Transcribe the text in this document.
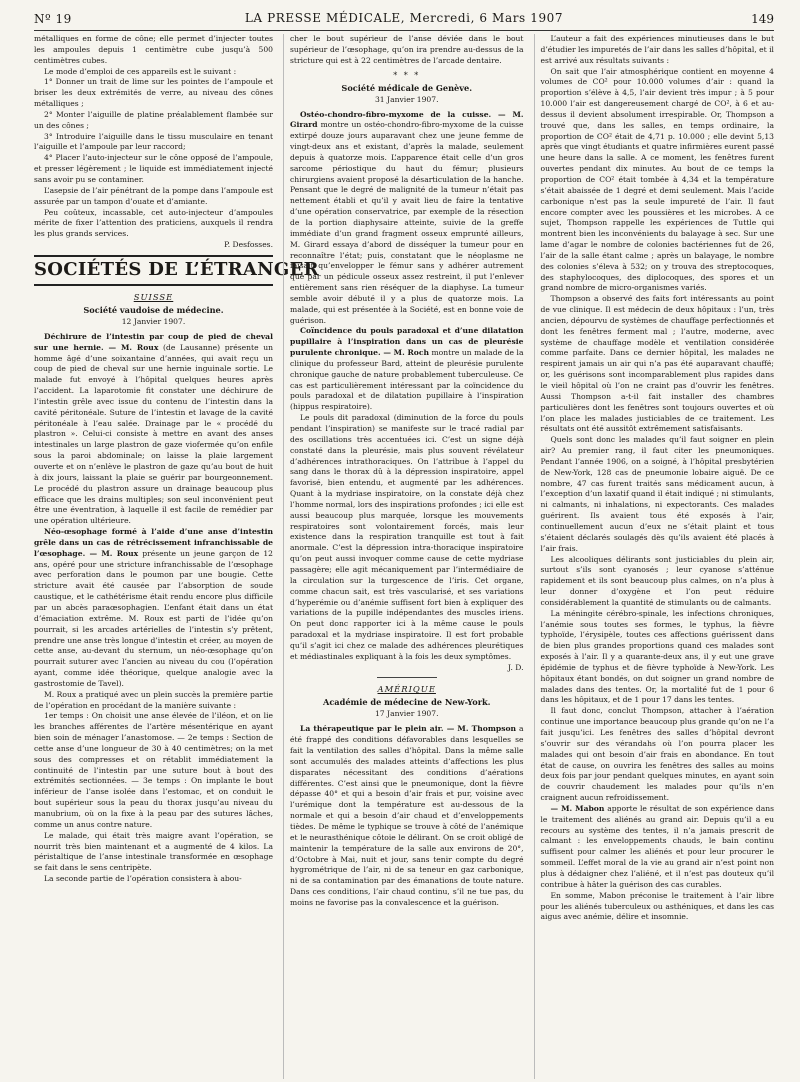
Nº 19	LA PRESSE MÉDICALE, Mercredi, 6 Mars 1907	149

métalliques en forme de cône; elle permet d’injecter toutes les ampoules depuis 1 centimètre cube jusqu’à 500 centimètres cubes.

Le mode d’emploi de ces appareils est le suivant :

1° Donner un trait de lime sur les pointes de l’ampoule et briser les deux extrémités de verre, au niveau des cônes métalliques ;

2° Monter l’aiguille de platine préalablement flambée sur un des cônes ;

3° Introduire l’aiguille dans le tissu musculaire en tenant l’aiguille et l’ampoule par leur raccord;

4° Placer l’auto-injecteur sur le cône opposé de l’ampoule, et presser légèrement ; le liquide est immédiatement injecté sans avoir pu se contaminer.

L’asepsie de l’air pénétrant de la pompe dans l’ampoule est assurée par un tampon d’ouate et d’amiante.

Peu coûteux, incassable, cet auto-injecteur d’ampoules mérite de fixer l’attention des praticiens, auxquels il rendra les plus grands services.

P. Desfosses.
SOCIÉTÉS DE L’ÉTRANGER
SUISSE
Société vaudoise de médecine.
12 Janvier 1907.

Déchirure de l’intestin par coup de pied de cheval sur une hernie. — M. Roux (de Lausanne) présente un homme âgé d’une soixantaine d’années, qui avait reçu un coup de pied de cheval sur une hernie inguinale sortie. Le malade fut envoyé à l’hôpital quelques heures après l’accident. La laparotomie fit constater une déchirure de l’intestin grêle avec issue du contenu de l’intestin dans la cavité péritonéale. Suture de l’intestin et lavage de la cavité péritonéale à l’eau salée. Drainage par le « procédé du plastron ». Celui-ci consiste à mettre en avant des anses intestinales un large plastron de gaze viofermée qu’on enfile sous la paroi abdominale; on laisse la plaie largement ouverte et on n’enlève le plastron de gaze qu’au bout de huit à dix jours, laissant la plaie se guérir par bourgeonnement. Le procédé du plastron assure un drainage beaucoup plus efficace que les drains multiples; son seul inconvénient peut être une éventration, à laquelle il est facile de remédier par une opération ultérieure.

Néo-œsophage formé à l’aide d’une anse d’intestin grêle dans un cas de rétrécissement infranchissable de l’œsophage. — M. Roux présente un jeune garçon de 12 ans, opéré pour une stricture infranchissable de l’œsophage avec perforation dans le poumon par une bougie. Cette stricture avait été causée par l’absorption de soude caustique, et le cathétérisme était rendu encore plus difficile par un abcès paraœsophagien. L’enfant était dans un état d’émaciation extrême. M. Roux est parti de l’idée qu’on pourrait, si les arcades artérielles de l’intestin s’y prêtent, prendre une anse très longue d’intestin et créer, au moyen de cette anse, au-devant du sternum, un néo-œsophage qu’on pourrait suturer avec l’ancien au niveau du cou (l’opération ayant, comme idée théorique, quelque analogie avec la gastrostomie de Tavel).

M. Roux a pratiqué avec un plein succès la première partie de l’opération en procédant de la manière suivante :

1er temps : On choisit une anse élevée de l’iléon, et on lie les branches afférentes de l’artère mésentérique en ayant bien soin de ménager l’anastomose. — 2e temps : Section de cette anse d’une longueur de 30 à 40 centimètres; on la met sous des compresses et on rétablit immédiatement la continuité de l’intestin par une suture bout à bout des extrémités sectionnées. — 3e temps : On implante le bout inférieur de l’anse isolée dans l’estomac, et on conduit le bout supérieur sous la peau du thorax jusqu’au niveau du manubrium, où on la fixe à la peau par des sutures lâches, comme un anus contre nature.

Le malade, qui était très maigre avant l’opération, se nourrit très bien maintenant et a augmenté de 4 kilos. La péristaltique de l’anse intestinale transformée en œsophage se fait dans le sens centripète.

La seconde partie de l’opération consistera à abou-

cher le bout supérieur de l’anse déviée dans le bout supérieur de l’œsophage, qu’on ira prendre au-dessus de la stricture qui est à 22 centimètres de l’arcade dentaire.

* * *
Société médicale de Genève.
31 Janvier 1907.

Ostéo-chondro-fibro-myxome de la cuisse. — M. Girard montre un ostéo-chondro-fibro-myxome de la cuisse extirpé douze jours auparavant chez une jeune femme de vingt-deux ans et existant, d’après la malade, seulement depuis à quatorze mois. L’apparence était celle d’un gros sarcome périostique du haut du fémur; plusieurs chirurgiens avaient proposé la désarticulation de la hanche. Pensant que le degré de malignité de la tumeur n’était pas nettement établi et qu’il y avait lieu de faire la tentative d’une opération conservatrice, par exemple de la résection de la portion diaphysaire atteinte, suivie de la greffe immédiate d’un grand fragment osseux emprunté ailleurs, M. Girard essaya d’abord de disséquer la tumeur pour en reconnaître l’état; puis, constatant que le néoplasme ne faisait qu’envelopper le fémur sans y adhérer autrement que par un pédicule osseux assez restreint, il put l’enlever entièrement sans rien réséquer de la diaphyse. La tumeur semble avoir débuté il y a plus de quatorze mois. La malade, qui est présentée à la Société, est en bonne voie de guérison.

Coïncidence du pouls paradoxal et d’une dilatation pupillaire à l’inspiration dans un cas de pleurésie purulente chronique. — M. Roch montre un malade de la clinique du professeur Bard, atteint de pleurésie purulente chronique gauche de nature probablement tuberculeuse. Ce cas est particulièrement intéressant par la coïncidence du pouls paradoxal et de dilatation pupillaire à l’inspiration (hippus respiratoire).

Le pouls dit paradoxal (diminution de la force du pouls pendant l’inspiration) se manifeste sur le tracé radial par des oscillations très accentuées ici. C’est un signe déjà constaté dans la pleurésie, mais plus souvent révélateur d’adhérences intrathoraciques. On l’attribue à l’appel du sang dans le thorax dû à la dépression inspiratoire, appel favorisé, bien entendu, et augmenté par les adhérences. Quant à la mydriase inspiratoire, on la constate déjà chez l’homme normal, lors des inspirations profondes ; ici elle est aussi beaucoup plus marquée, lorsque les mouvements respiratoires sont volontairement forcés, mais leur existence dans la respiration tranquille est tout à fait anormale. C’est la dépression intra-thoracique inspiratoire qu’on peut aussi invoquer comme cause de cette mydriase passagère; elle agit mécaniquement par l’intermédiaire de la circulation sur la turgescence de l’iris. Cet organe, comme chacun sait, est très vascularisé, et ses variations d’hyperémie ou d’anémie suffisent fort bien à expliquer des variations de la pupille indépendantes des muscles iriens. On peut donc rapporter ici à la même cause le pouls paradoxal et la mydriase inspiratoire. Il est fort probable qu’il s’agit ici chez ce malade des adhérences pleurétiques et médiastinales expliquant à la fois les deux symptômes.

J. D.
AMÉRIQUE
Académie de médecine de New-York.
17 Janvier 1907.

La thérapeutique par le plein air. — M. Thompson a été frappé des conditions défavorables dans lesquelles se fait la ventilation des salles d’hôpital. Dans la même salle sont accumulés des malades atteints d’affections les plus disparates nécessitant des conditions d’aérations différentes. C’est ainsi que le pneumonique, dont la fièvre dépasse 40° et qui a besoin d’air frais et pur, voisine avec l’urémique dont la température est au-dessous de la normale et qui a besoin d’air chaud et d’enveloppements tièdes. De même le typhique se trouve à côté de l’anémique et le neurasthénique côtoie le délirant. On se croit obligé de maintenir la température de la salle aux environs de 20°, d’Octobre à Mai, nuit et jour, sans tenir compte du degré hygrométrique de l’air, ni de sa teneur en gaz carbonique, ni de sa contamination par des émanations de toute nature. Dans ces conditions, l’air chaud continu, s’il ne tue pas, du moins ne favorise pas la convalescence et la guérison.

L’auteur a fait des expériences minutieuses dans le but d’étudier les impuretés de l’air dans les salles d’hôpital, et il est arrivé aux résultats suivants :

On sait que l’air atmosphérique contient en moyenne 4 volumes de CO² pour 10.000 volumes d’air : quand la proportion s’élève à 4,5, l’air devient très impur ; à 5 pour 10.000 l’air est dangereusement chargé de CO², à 6 et au-dessus il devient absolument irrespirable. Or, Thompson a trouvé que, dans les salles, en temps ordinaire, la proportion de CO² était de 4,71 p. 10.000 ; elle devint 5,13 après que vingt étudiants et quatre infirmières eurent passé une heure dans la salle. A ce moment, les fenêtres furent ouvertes pendant dix minutes. Au bout de ce temps la proportion de CO² était tombée à 4,34 et la température s’était abaissée de 1 degré et demi seulement. Mais l’acide carbonique n’est pas la seule impureté de l’air. Il faut encore compter avec les poussières et les microbes. A ce sujet, Thompson rappelle les expériences de Tuttle qui montrent bien les inconvénients du balayage à sec. Sur une lame d’agar le nombre de colonies bactériennes fut de 26, l’air de la salle étant calme ; après un balayage, le nombre des colonies s’éleva à 532; on y trouva des streptocoques, des staphylocoques, des diplocoques, des spores et un grand nombre de micro-organismes variés.

Thompson a observé des faits fort intéressants au point de vue clinique. Il est médecin de deux hôpitaux : l’un, très ancien, dépourvu de systèmes de chauffage perfectionnés et dont les fenêtres ferment mal ; l’autre, moderne, avec système de chauffage modèle et ventilation considérée comme parfaite. Dans ce dernier hôpital, les malades ne respirent jamais un air qui n’a pas été auparavant chauffé; or, les guérisons sont incomparablement plus rapides dans le vieil hôpital où l’on ne craint pas d’ouvrir les fenêtres. Aussi Thompson a-t-il fait installer des chambres particulières dont les fenêtres sont toujours ouvertes et où l’on place les malades justiciables de ce traitement. Les résultats ont été aussitôt extrêmement satisfaisants.

Quels sont donc les malades qu’il faut soigner en plein air? Au premier rang, il faut citer les pneumoniques. Pendant l’année 1906, on a soigné, à l’hôpital presbytérien de New-York, 128 cas de pneumonie lobaire aiguë. De ce nombre, 47 cas furent traités sans médicament aucun, à l’exception d’un laxatif quand il était indiqué ; ni stimulants, ni calmants, ni inhalations, ni expectorants. Ces malades guérirent. Ils avaient tous été exposés à l’air, continuellement aucun d’eux ne s’était plaint et tous s’étaient déclarés soulagés dès qu’ils avaient été placés à l’air frais.

Les alcooliques délirants sont justiciables du plein air, surtout s’ils sont cyanosés ; leur cyanose s’atténue rapidement et ils sont beaucoup plus calmes, on n’a plus à leur donner d’oxygène et l’on peut réduire considérablement la quantité de stimulants ou de calmants.

La méningite cérébro-spinale, les infections chroniques, l’anémie sous toutes ses formes, le typhus, la fièvre typhoïde, l’érysipèle, toutes ces affections guérissent dans de bien plus grandes proportions quand ces malades sont exposés à l’air. Il y a quarante-deux ans, il y eut une grave épidémie de typhus et de fièvre typhoïde à New-York. Les hôpitaux étant bondés, on dut soigner un grand nombre de malades dans des tentes. Or, la mortalité fut de 1 pour 6 dans les hôpitaux, et de 1 pour 17 dans les tentes.

Il faut donc, conclut Thompson, attacher à l’aération continue une importance beaucoup plus grande qu’on ne l’a fait jusqu’ici. Les fenêtres des salles d’hôpital devront s’ouvrir sur des vérandahs où l’on pourra placer les malades qui ont besoin d’air frais en abondance. En tout état de cause, on ouvrira les fenêtres des salles au moins deux fois par jour pendant quelques minutes, en ayant soin de couvrir chaudement les malades pour qu’ils n’en craignent aucun refroidissement.

— M. Mabon apporte le résultat de son expérience dans le traitement des aliénés au grand air. Depuis qu’il a eu recours au système des tentes, il n’a jamais prescrit de calmant : les enveloppements chauds, le bain continu suffisent pour calmer les aliénés et pour leur procurer le sommeil. L’effet moral de la vie au grand air n’est point non plus à dédaigner chez l’aliéné, et il n’est pas douteux qu’il contribue à hâter la guérison des cas curables.

En somme, Mabon préconise le traitement à l’air libre pour les aliénés tuberculeux ou asthéniques, et dans les cas aigus avec anémie, délire et insomnie.
